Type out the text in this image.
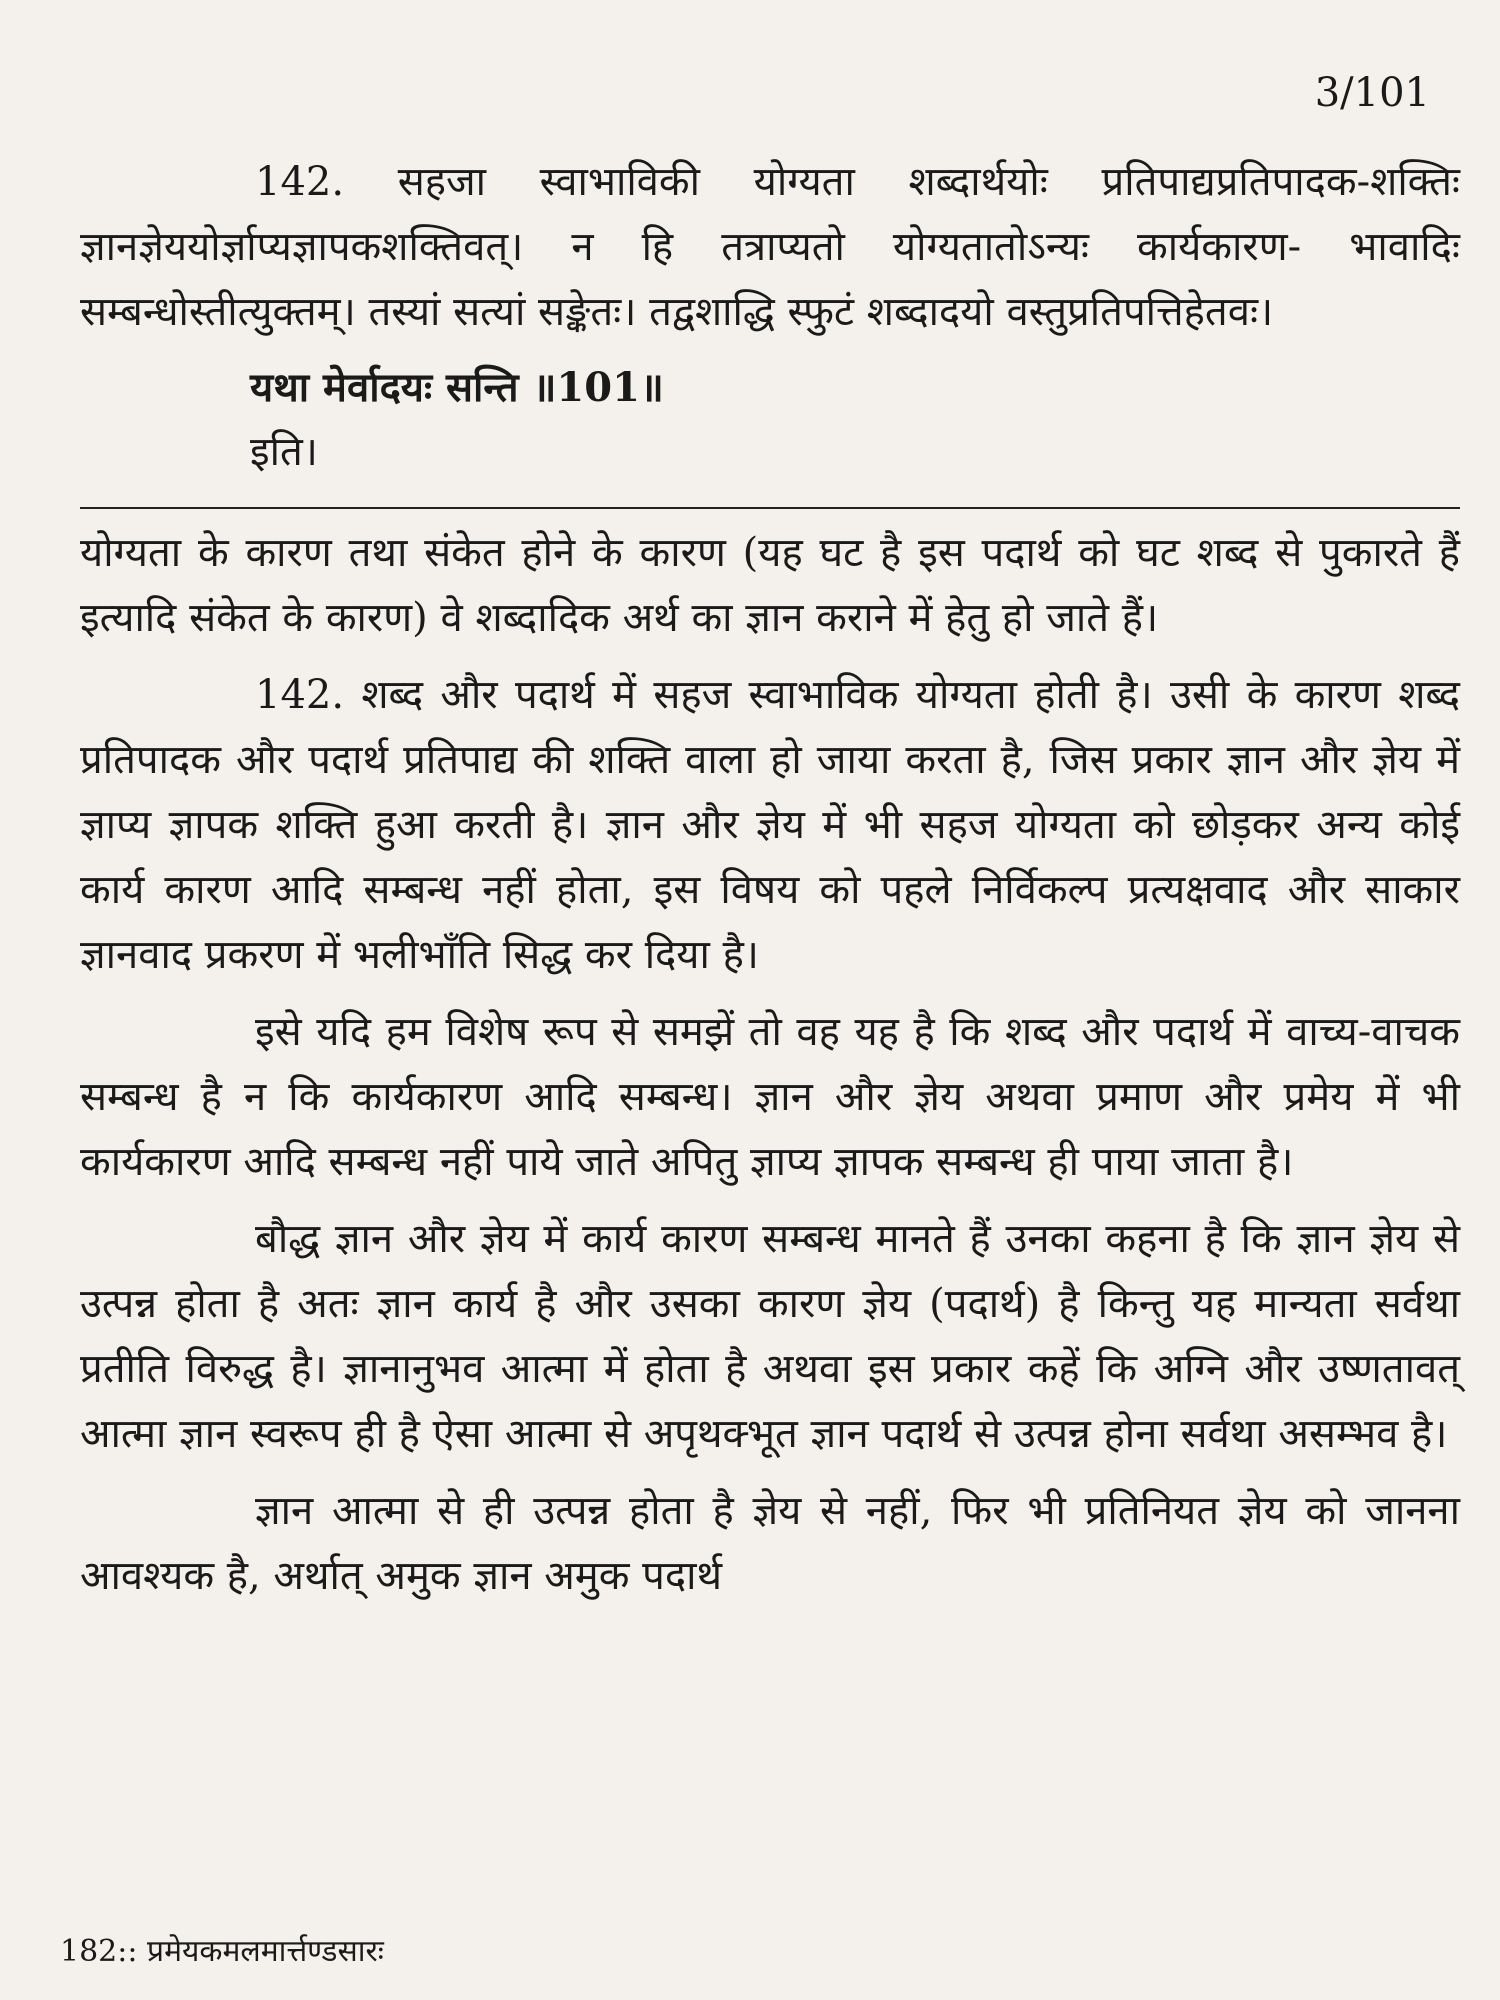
3/101

142. सहजा स्वाभाविकी योग्यता शब्दार्थयोः प्रतिपाद्यप्रतिपादक-शक्तिः ज्ञानज्ञेययोर्ज्ञाप्यज्ञापकशक्तिवत्। न हि तत्राप्यतो योग्यतातोऽन्यः कार्यकारण- भावादिः सम्बन्धोस्तीत्युक्तम्। तस्यां सत्यां सङ्केतः। तद्वशाद्धि स्फुटं शब्दादयो वस्तुप्रतिपत्तिहेतवः।

यथा मेर्वादयः सन्ति ॥101॥

इति।

योग्यता के कारण तथा संकेत होने के कारण (यह घट है इस पदार्थ को घट शब्द से पुकारते हैं इत्यादि संकेत के कारण) वे शब्दादिक अर्थ का ज्ञान कराने में हेतु हो जाते हैं।

142. शब्द और पदार्थ में सहज स्वाभाविक योग्यता होती है। उसी के कारण शब्द प्रतिपादक और पदार्थ प्रतिपाद्य की शक्ति वाला हो जाया करता है, जिस प्रकार ज्ञान और ज्ञेय में ज्ञाप्य ज्ञापक शक्ति हुआ करती है। ज्ञान और ज्ञेय में भी सहज योग्यता को छोड़कर अन्य कोई कार्य कारण आदि सम्बन्ध नहीं होता, इस विषय को पहले निर्विकल्प प्रत्यक्षवाद और साकार ज्ञानवाद प्रकरण में भलीभाँति सिद्ध कर दिया है।

इसे यदि हम विशेष रूप से समझें तो वह यह है कि शब्द और पदार्थ में वाच्य-वाचक सम्बन्ध है न कि कार्यकारण आदि सम्बन्ध। ज्ञान और ज्ञेय अथवा प्रमाण और प्रमेय में भी कार्यकारण आदि सम्बन्ध नहीं पाये जाते अपितु ज्ञाप्य ज्ञापक सम्बन्ध ही पाया जाता है।

बौद्ध ज्ञान और ज्ञेय में कार्य कारण सम्बन्ध मानते हैं उनका कहना है कि ज्ञान ज्ञेय से उत्पन्न होता है अतः ज्ञान कार्य है और उसका कारण ज्ञेय (पदार्थ) है किन्तु यह मान्यता सर्वथा प्रतीति विरुद्ध है। ज्ञानानुभव आत्मा में होता है अथवा इस प्रकार कहें कि अग्नि और उष्णतावत् आत्मा ज्ञान स्वरूप ही है ऐसा आत्मा से अपृथक्भूत ज्ञान पदार्थ से उत्पन्न होना सर्वथा असम्भव है।

ज्ञान आत्मा से ही उत्पन्न होता है ज्ञेय से नहीं, फिर भी प्रतिनियत ज्ञेय को जानना आवश्यक है, अर्थात् अमुक ज्ञान अमुक पदार्थ

182:: प्रमेयकमलमार्त्तण्डसारः
